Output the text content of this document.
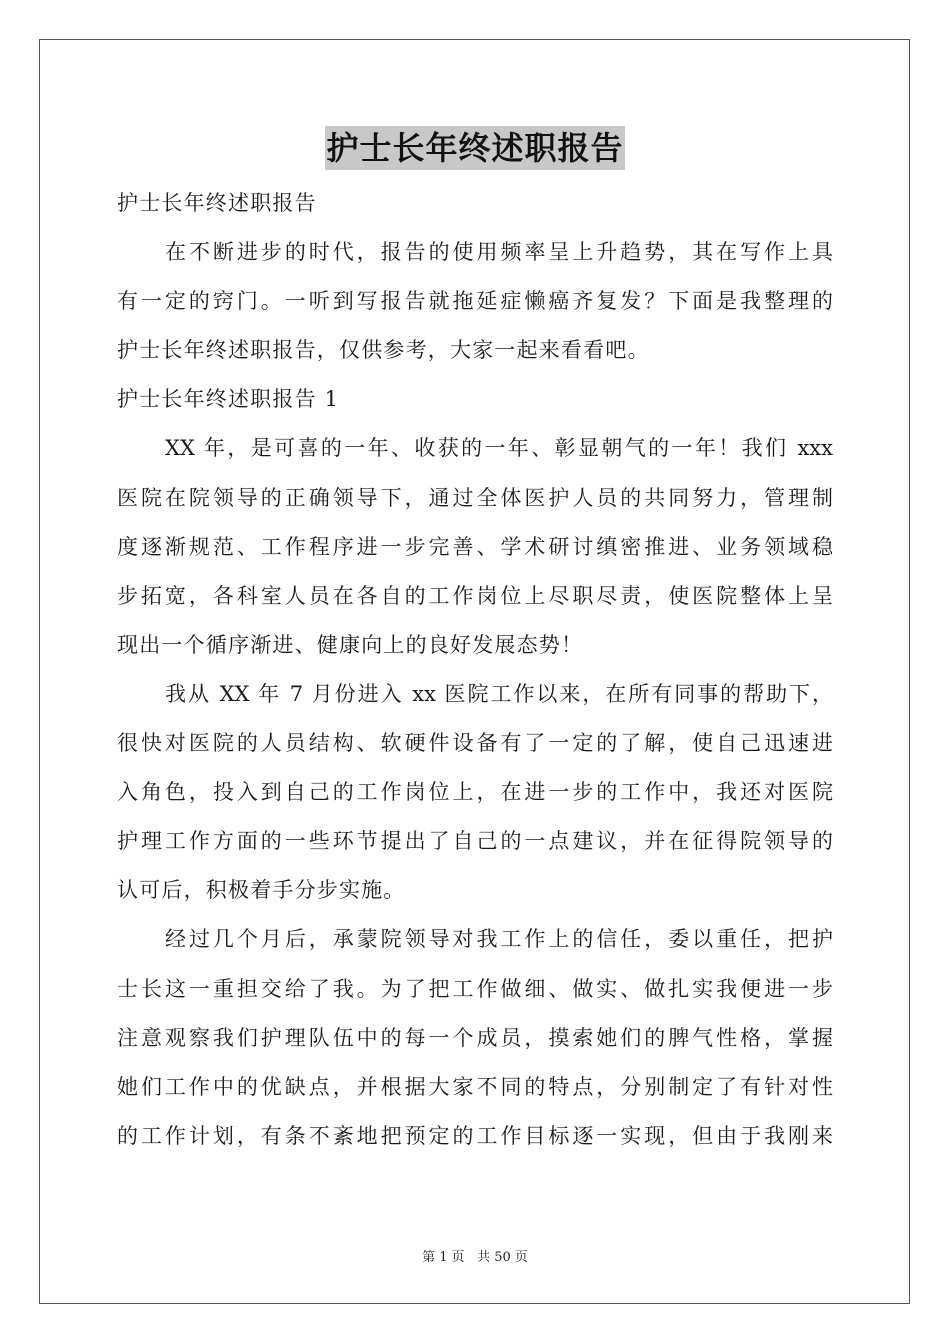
护士长年终述职报告
护士长年终述职报告
在不断进步的时代，报告的使用频率呈上升趋势，其在写作上具
有一定的窍门。一听到写报告就拖延症懒癌齐复发？下面是我整理的
护士长年终述职报告，仅供参考，大家一起来看看吧。
护士长年终述职报告 1
XX 年，是可喜的一年、收获的一年、彰显朝气的一年！我们 xxx
医院在院领导的正确领导下，通过全体医护人员的共同努力，管理制
度逐渐规范、工作程序进一步完善、学术研讨缜密推进、业务领域稳
步拓宽，各科室人员在各自的工作岗位上尽职尽责，使医院整体上呈
现出一个循序渐进、健康向上的良好发展态势！
我从 XX 年 7 月份进入 xx 医院工作以来，在所有同事的帮助下，
很快对医院的人员结构、软硬件设备有了一定的了解，使自己迅速进
入角色，投入到自己的工作岗位上，在进一步的工作中，我还对医院
护理工作方面的一些环节提出了自己的一点建议，并在征得院领导的
认可后，积极着手分步实施。
经过几个月后，承蒙院领导对我工作上的信任，委以重任，把护
士长这一重担交给了我。为了把工作做细、做实、做扎实我便进一步
注意观察我们护理队伍中的每一个成员，摸索她们的脾气性格，掌握
她们工作中的优缺点，并根据大家不同的特点，分别制定了有针对性
的工作计划，有条不紊地把预定的工作目标逐一实现，但由于我刚来
第 1 页 共 50 页
